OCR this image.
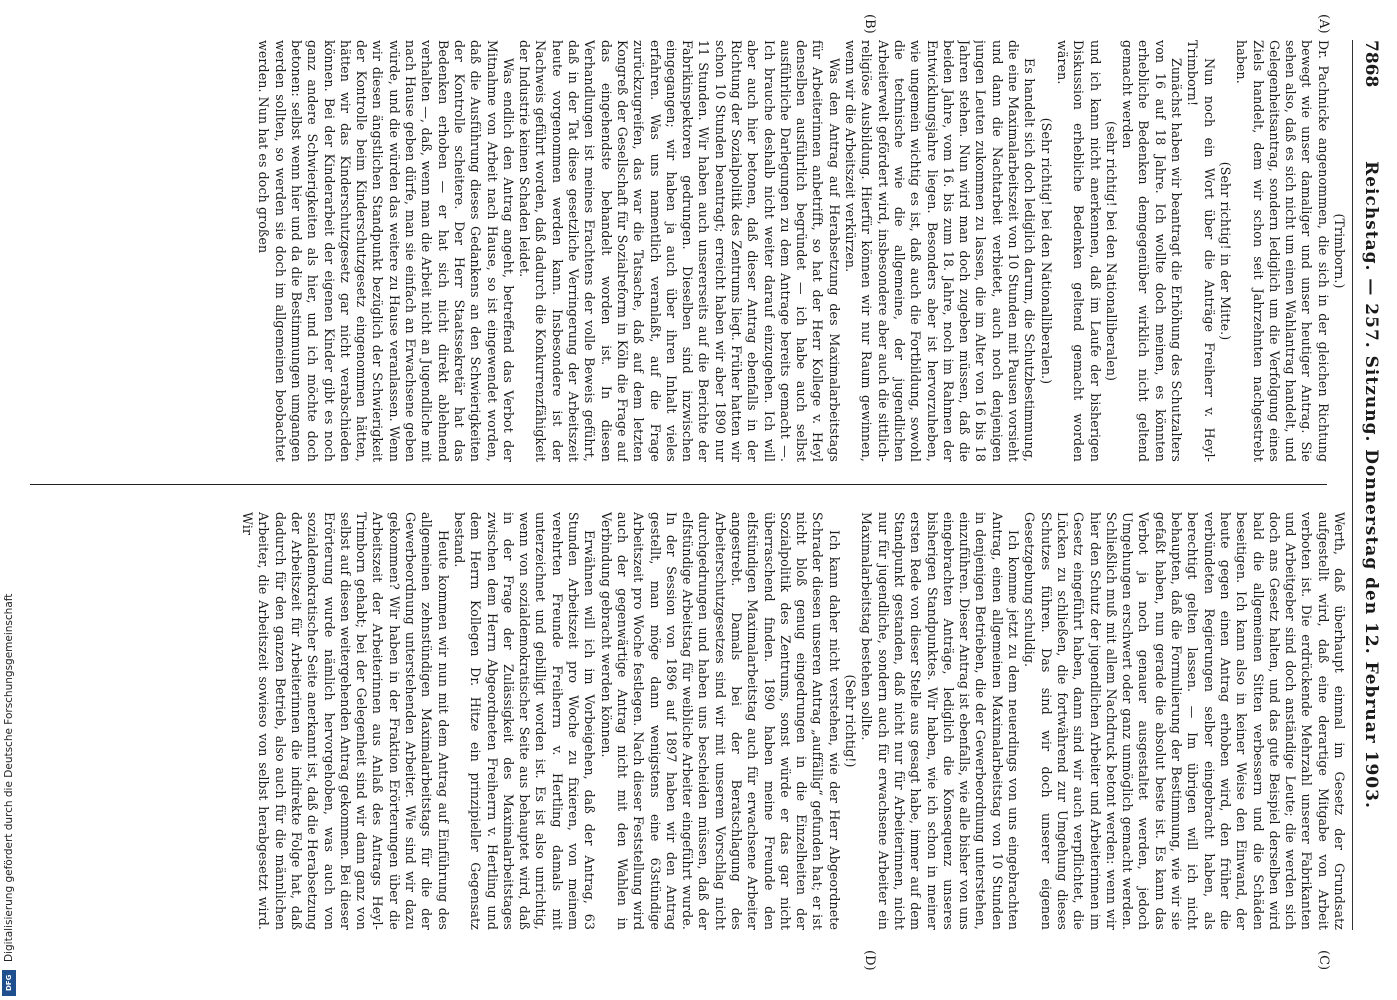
7868
Reichstag. — 257. Sitzung. Donnerstag den 12. Februar 1903.
(A)
(B)
(C)
(D)

(Trimborn.)

Dr. Pachnicke angenommen, die sich in der gleichen Richtung bewegt wie unser damaliger und unser heutiger Antrag. Sie sehen also, daß es sich nicht um einen Wahlantrag handelt, und Gelegenheitsantrag, sondern lediglich um die Verfolgung eines Ziels handelt, dem wir schon seit Jahrzehnten nachgestrebt haben.

(Sehr richtig! in der Mitte.)

Nun noch ein Wort über die Anträge Freiherr v. Heyl-Trimborn!

Zunächst haben wir beantragt die Erhöhung des Schutzalters von 16 auf 18 Jahre. Ich wollte doch meinen, es könnten erhebliche Bedenken demgegenüber wirklich nicht geltend gemacht werden

(sehr richtig! bei den Nationalliberalen)

und ich kann nicht anerkennen, daß im Laufe der bisherigen Diskussion erhebliche Bedenken geltend gemacht worden wären.

(Sehr richtig! bei den Nationalliberalen.)

Es handelt sich doch lediglich darum, die Schutzbestimmung, die eine Maximalarbeitszeit von 10 Stunden mit Pausen vorsieht und dann die Nachtarbeit verbietet, auch noch denjenigen jungen Leuten zukommen zu lassen, die im Alter von 16 bis 18 Jahren stehen. Nun wird man doch zugeben müssen, daß die beiden Jahre, vom 16. bis zum 18. Jahre, noch im Rahmen der Entwicklungsjahre liegen. Besonders aber ist hervorzuheben, wie ungemein wichtig es ist, daß auch die Fortbildung, sowohl die technische wie die allgemeine, der jugendlichen Arbeiterwelt gefördert wird, insbesondere aber auch die sittlich-religiöse Ausbildung. Hierfür können wir nur Raum gewinnen, wenn wir die Arbeitszeit verkürzen.

Was den Antrag auf Herabsetzung des Maximalarbeitstags für Arbeiterinnen anbetrifft, so hat der Herr Kollege v. Heyl denselben ausführlich begründet — ich habe auch selbst ausführliche Darlegungen zu dem Antrage bereits gemacht —. Ich brauche deshalb nicht weiter darauf einzugehen. Ich will aber auch hier betonen, daß dieser Antrag ebenfalls in der Richtung der Sozialpolitik des Zentrums liegt. Früher hatten wir schon 10 Stunden beantragt; erreicht haben wir aber 1890 nur 11 Stunden. Wir haben auch unsererseits auf die Berichte der Fabrikinspektoren gedrungen. Dieselben sind inzwischen eingegangen; wir haben ja auch über ihren Inhalt vieles erfahren. Was uns namentlich veranlaßt, auf die Frage zurückzugreifen, das war die Tatsache, daß auf dem letzten Kongreß der Gesellschaft für Sozialreform in Köln die Frage auf das eingehendste behandelt worden ist. In diesen Verhandlungen ist meines Erachtens der volle Beweis geführt, daß in der Tat diese gesetzliche Verringerung der Arbeitszeit heute vorgenommen werden kann. Insbesondere ist der Nachweis geführt worden, daß dadurch die Konkurrenzfähigkeit der Industrie keinen Schaden leidet.

Was endlich den Antrag angeht, betreffend das Verbot der Mitnahme von Arbeit nach Hause, so ist eingewendet worden, daß die Ausführung dieses Gedankens an den Schwierigkeiten der Kontrolle scheitere. Der Herr Staatssekretär hat das Bedenken erhoben — er hat sich nicht direkt ablehnend verhalten —, daß, wenn man die Arbeit nicht an Jugendliche mit nach Hause geben dürfe, man sie einfach an Erwachsene geben würde, und die würden das weitere zu Hause veranlassen. Wenn wir diesen ängstlichen Standpunkt bezüglich der Schwierigkeit der Kontrolle beim Kinderschutzgesetz eingenommen hätten, hätten wir das Kinderschutzgesetz gar nicht verabschieden können. Bei der Kinderarbeit der eigenen Kinder gibt es noch ganz andere Schwierigkeiten als hier, und ich möchte doch betonen: selbst wenn hier und da die Bestimmungen umgangen werden sollten, so werden sie doch im allgemeinen beobachtet werden. Nun hat es doch großen

Werth, daß überhaupt einmal im Gesetz der Grundsatz aufgestellt wird, daß eine derartige Mitgabe von Arbeit verboten ist. Die erdrückende Mehrzahl unserer Fabrikanten und Arbeitgeber sind doch anständige Leute; die werden sich doch ans Gesetz halten, und das gute Beispiel derselben wird bald die allgemeinen Sitten verbessern und die Schäden beseitigen. Ich kann also in keiner Weise den Einwand, der heute gegen einen Antrag erhoben wird, den früher die verbündeten Regierungen selber eingebracht haben, als berechtigt gelten lassen. — Im übrigen will ich nicht behaupten, daß die Formulierung der Bestimmung, wie wir sie gefaßt haben, nun gerade die absolut beste ist. Es kann das Verbot ja noch genauer ausgestaltet werden, jedoch Umgehungen erschwert oder ganz unmöglich gemacht werden. Schließlich muß mit allem Nachdruck betont werden: wenn wir hier den Schutz der jugendlichen Arbeiter und Arbeiterinnen im Gesetz eingeführt haben, dann sind wir auch verpflichtet, die Lücken zu schließen, die fortwährend zur Umgehung dieses Schutzes führen. Das sind wir doch unserer eigenen Gesetzgebung schuldig.

Ich komme jetzt zu dem neuerdings von uns eingebrachten Antrag, einen allgemeinen Maximalarbeitstag von 10 Stunden in denjenigen Betrieben, die der Gewerbeordnung unterstehen, einzuführen. Dieser Antrag ist ebenfalls, wie alle bisher von uns eingebrachten Anträge, lediglich die Konsequenz unseres bisherigen Standpunktes. Wir haben, wie ich schon in meiner ersten Rede von dieser Stelle aus gesagt habe, immer auf dem Standpunkt gestanden, daß nicht nur für Arbeiterinnen, nicht nur für jugendliche, sondern auch für erwachsene Arbeiter ein Maximalarbeitstag bestehen sollte.

(Sehr richtig!)

Ich kann daher nicht verstehen, wie der Herr Abgeordnete Schrader diesen unseren Antrag „auffällig“ gefunden hat; er ist nicht bloß genug eingedrungen in die Einzelheiten der Sozialpolitik des Zentrums, sonst würde er das gar nicht überraschend finden. 1890 haben meine Freunde den elfstündigen Maximalarbeitstag auch für erwachsene Arbeiter angestrebt. Damals bei der Beratschlagung des Arbeiterschutzgesetzes sind wir mit unserem Vorschlag nicht durchgedrungen und haben uns bescheiden müssen, daß der elfstündige Arbeitstag für weibliche Arbeiter eingeführt wurde. In der Session von 1896 auf 1897 haben wir den Antrag gestellt, man möge dann wenigstens eine 63stündige Arbeitszeit pro Woche festlegen. Nach dieser Feststellung wird auch der gegenwärtige Antrag nicht mit den Wahlen in Verbindung gebracht werden können.

Erwähnen will ich im Vorbeigehen, daß der Antrag, 63 Stunden Arbeitszeit pro Woche zu fixieren, von meinem verehrten Freunde Freiherrn v. Hertling damals mit unterzeichnet und gebilligt worden ist. Es ist also unrichtig, wenn von sozialdemokratischer Seite aus behauptet wird, daß in der Frage der Zulässigkeit des Maximalarbeitstages zwischen dem Herrn Abgeordneten Freiherrn v. Hertling und dem Herrn Kollegen Dr. Hitze ein prinzipieller Gegensatz bestand.

Heute kommen wir nun mit dem Antrag auf Einführung des allgemeinen zehnstündigen Maximalarbeitstags für die der Gewerbeordnung unterstehenden Arbeiter. Wie sind wir dazu gekommen? Wir haben in der Fraktion Erörterungen über die Arbeitszeit der Arbeiterinnen aus Anlaß des Antrags Heyl-Trimborn gehabt; bei der Gelegenheit sind wir dann ganz von selbst auf diesen weitergehenden Antrag gekommen. Bei dieser Erörterung wurde nämlich hervorgehoben, was auch von sozialdemokratischer Seite anerkannt ist, daß die Herabsetzung der Arbeitszeit für Arbeiterinnen die indirekte Folge hat, daß dadurch für den ganzen Betrieb, also auch für die männlichen Arbeiter, die Arbeitszeit sowieso von selbst herabgesetzt wird. Wir

Digitalisierung gefördert durch die Deutsche Forschungsgemeinschaft
DFG
